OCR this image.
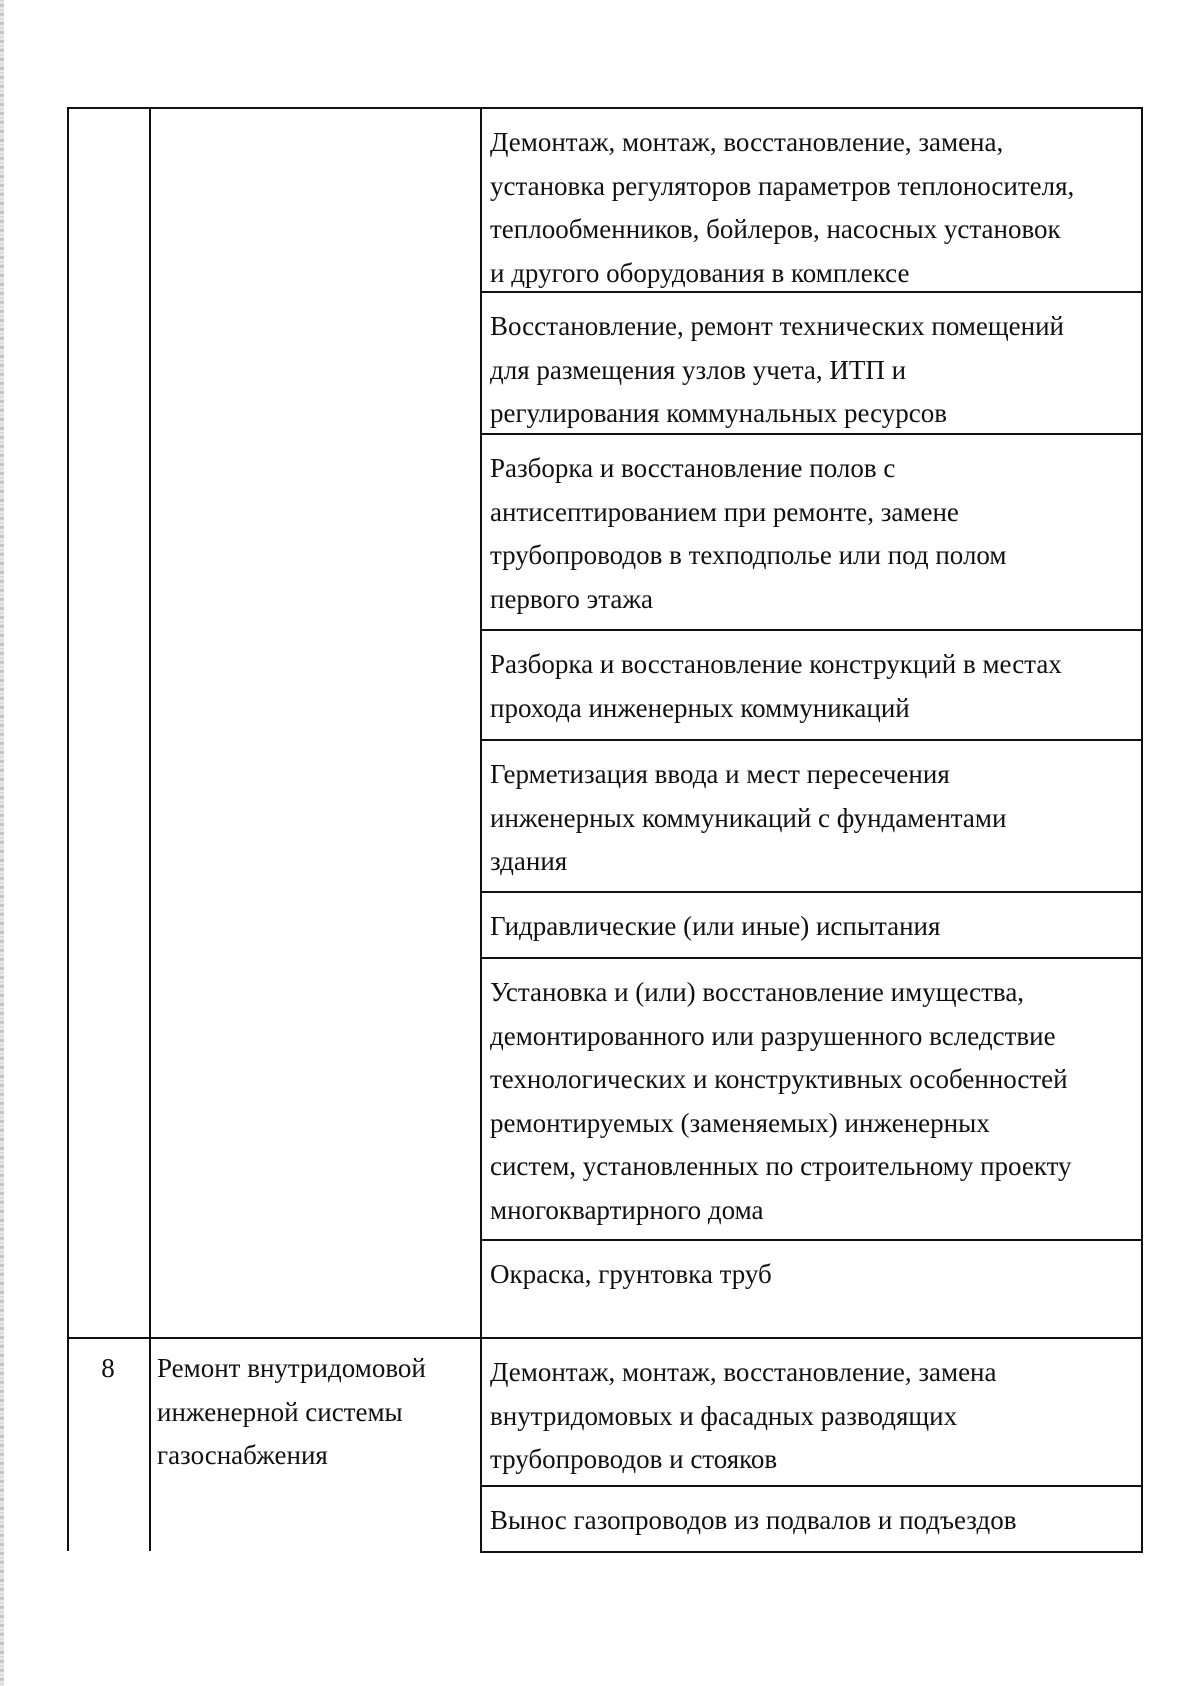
8	Ремонт внутридомовой
инженерной системы
газоснабжения
Демонтаж, монтаж, восстановление, замена,
установка регуляторов параметров теплоносителя,
теплообменников, бойлеров, насосных установок
и другого оборудования в комплексе
Восстановление, ремонт технических помещений
для размещения узлов учета, ИТП и
регулирования коммунальных ресурсов
Разборка и восстановление полов с
антисептированием при ремонте, замене
трубопроводов в техподполье или под полом
первого этажа
Разборка и восстановление конструкций в местах
прохода инженерных коммуникаций
Герметизация ввода и мест пересечения
инженерных коммуникаций с фундаментами
здания
Гидравлические (или иные) испытания
Установка и (или) восстановление имущества,
демонтированного или разрушенного вследствие
технологических и конструктивных особенностей
ремонтируемых (заменяемых) инженерных
систем, установленных по строительному проекту
многоквартирного дома
Окраска, грунтовка труб
Демонтаж, монтаж, восстановление, замена
внутридомовых и фасадных разводящих
трубопроводов и стояков
Вынос газопроводов из подвалов и подъездов
